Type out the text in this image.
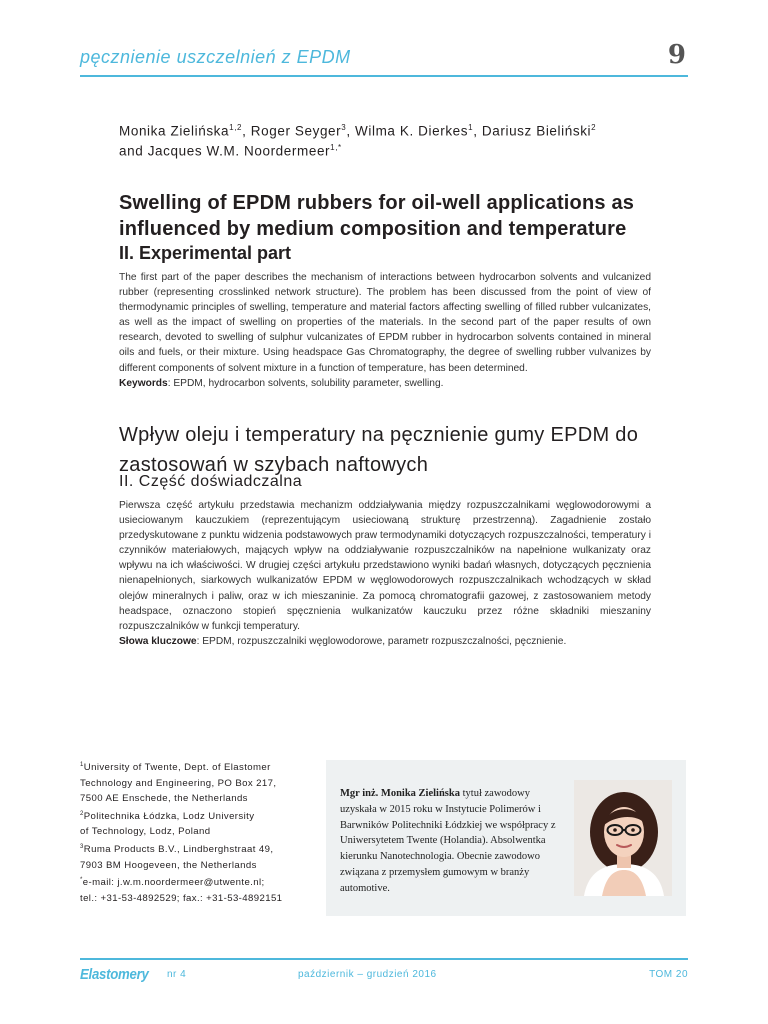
pęcznienie uszczelnień z EPDM	9
Monika Zielińska$^{1,2}$, Roger Seyger$^3$, Wilma K. Dierkes$^1$, Dariusz Bieliński$^2$
and Jacques W.M. Noordermeer$^{1,*}$
Swelling of EPDM rubbers for oil-well applications as influenced by medium composition and temperature
II. Experimental part
The first part of the paper describes the mechanism of interactions between hydrocarbon solvents and vulcanized rubber (representing crosslinked network structure). The problem has been discussed from the point of view of thermodynamic principles of swelling, temperature and material factors affecting swelling of filled rubber vulcanizates, as well as the impact of swelling on properties of the materials. In the second part of the paper results of own research, devoted to swelling of sulphur vulcanizates of EPDM rubber in hydrocarbon solvents contained in mineral oils and fuels, or their mixture. Using headspace Gas Chromatography, the degree of swelling rubber vulvanizes by different components of solvent mixture in a function of temperature, has been determined.
Keywords: EPDM, hydrocarbon solvents, solubility parameter, swelling.
Wpływ oleju i temperatury na pęcznienie gumy EPDM do zastosowań w szybach naftowych
II. Część doświadczalna
Pierwsza część artykułu przedstawia mechanizm oddziaływania między rozpuszczalnikami węglowodorowymi a usieciowanym kauczukiem (reprezentującym usieciowaną strukturę przestrzenną). Zagadnienie zostało przedyskutowane z punktu widzenia podstawowych praw termodynamiki dotyczących rozpuszczalności, temperatury i czynników materiałowych, mających wpływ na oddziaływanie rozpuszczalników na napełnione wulkanizaty oraz wpływu na ich właściwości. W drugiej części artykułu przedstawiono wyniki badań własnych, dotyczących pęcznienia nienapełnionych, siarkowych wulkanizatów EPDM w węglowodorowych rozpuszczalnikach wchodzących w skład olejów mineralnych i paliw, oraz w ich mieszaninie. Za pomocą chromatografii gazowej, z zastosowaniem metody headspace, oznaczono stopień spęcznienia wulkanizatów kauczuku przez różne składniki mieszaniny rozpuszczalników w funkcji temperatury.
Słowa kluczowe: EPDM, rozpuszczalniki węglowodorowe, parametr rozpuszczalności, pęcznienie.
$^1$University of Twente, Dept. of Elastomer
Technology and Engineering, PO Box 217,
7500 AE Enschede, the Netherlands
$^2$Politechnika Łódzka, Lodz University
of Technology, Lodz, Poland
$^3$Ruma Products B.V., Lindberghstraat 49,
7903 BM Hoogeveen, the Netherlands
*e-mail: j.w.m.noordermeer@utwente.nl;
tel.: +31-53-4892529; fax.: +31-53-4892151
Mgr inż. Monika Zielińska tytuł zawodowy uzyskała w 2015 roku w Instytucie Polimerów i Barwników Politechniki Łódzkiej we współpracy z Uniwersytetem Twente (Holandia). Absolwentka kierunku Nanotechnologia. Obecnie zawodowo związana z przemysłem gumowym w branży automotive.
Elastomery nr 4	październik – grudzień 2016	TOM 20
